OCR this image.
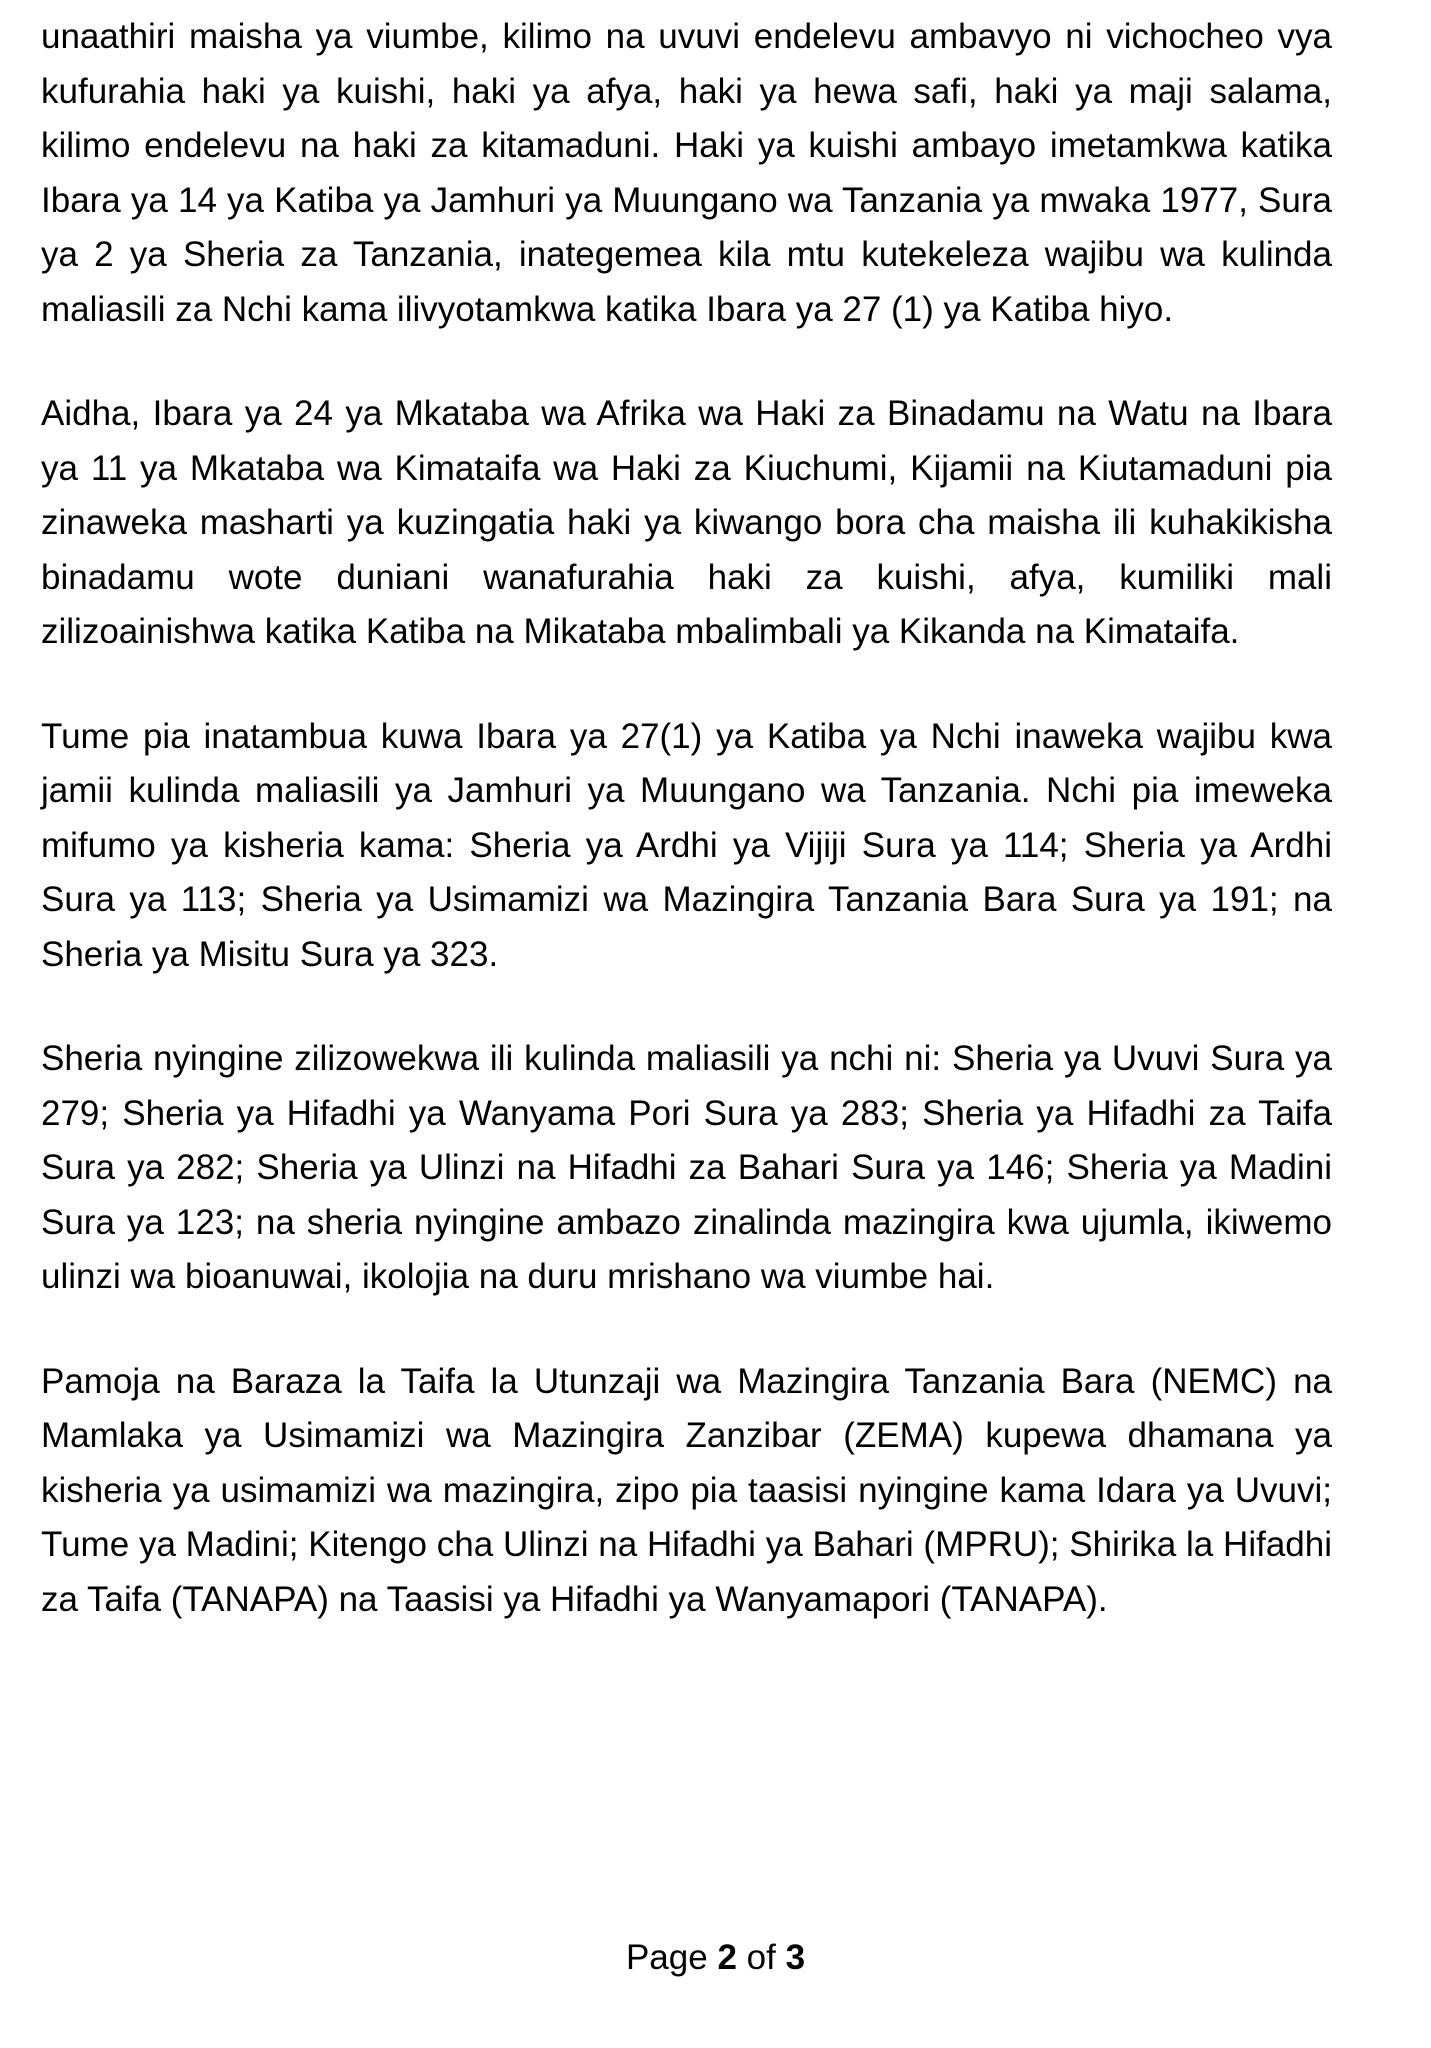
unaathiri maisha ya viumbe, kilimo na uvuvi endelevu ambavyo ni vichocheo vya kufurahia haki ya kuishi, haki ya afya, haki ya hewa safi, haki ya maji salama, kilimo endelevu na haki za kitamaduni. Haki ya kuishi ambayo imetamkwa katika Ibara ya 14 ya Katiba ya Jamhuri ya Muungano wa Tanzania ya mwaka 1977, Sura ya 2 ya Sheria za Tanzania, inategemea kila mtu kutekeleza wajibu wa kulinda maliasili za Nchi kama ilivyotamkwa katika Ibara ya 27 (1) ya Katiba hiyo.

Aidha, Ibara ya 24 ya Mkataba wa Afrika wa Haki za Binadamu na Watu na Ibara ya 11 ya Mkataba wa Kimataifa wa Haki za Kiuchumi, Kijamii na Kiutamaduni pia zinaweka masharti ya kuzingatia haki ya kiwango bora cha maisha ili kuhakikisha binadamu wote duniani wanafurahia haki za kuishi, afya, kumiliki mali zilizoainishwa katika Katiba na Mikataba mbalimbali ya Kikanda na Kimataifa.

Tume pia inatambua kuwa Ibara ya 27(1) ya Katiba ya Nchi inaweka wajibu kwa jamii kulinda maliasili ya Jamhuri ya Muungano wa Tanzania. Nchi pia imeweka mifumo ya kisheria kama: Sheria ya Ardhi ya Vijiji Sura ya 114; Sheria ya Ardhi Sura ya 113; Sheria ya Usimamizi wa Mazingira Tanzania Bara Sura ya 191; na Sheria ya Misitu Sura ya 323.

Sheria nyingine zilizowekwa ili kulinda maliasili ya nchi ni: Sheria ya Uvuvi Sura ya 279; Sheria ya Hifadhi ya Wanyama Pori Sura ya 283; Sheria ya Hifadhi za Taifa Sura ya 282; Sheria ya Ulinzi na Hifadhi za Bahari Sura ya 146; Sheria ya Madini Sura ya 123; na sheria nyingine ambazo zinalinda mazingira kwa ujumla, ikiwemo ulinzi wa bioanuwai, ikolojia na duru mrishano wa viumbe hai.

Pamoja na Baraza la Taifa la Utunzaji wa Mazingira Tanzania Bara (NEMC) na Mamlaka ya Usimamizi wa Mazingira Zanzibar (ZEMA) kupewa dhamana ya kisheria ya usimamizi wa mazingira, zipo pia taasisi nyingine kama Idara ya Uvuvi; Tume ya Madini; Kitengo cha Ulinzi na Hifadhi ya Bahari (MPRU); Shirika la Hifadhi za Taifa (TANAPA) na Taasisi ya Hifadhi ya Wanyamapori (TANAPA).

Page 2 of 3
